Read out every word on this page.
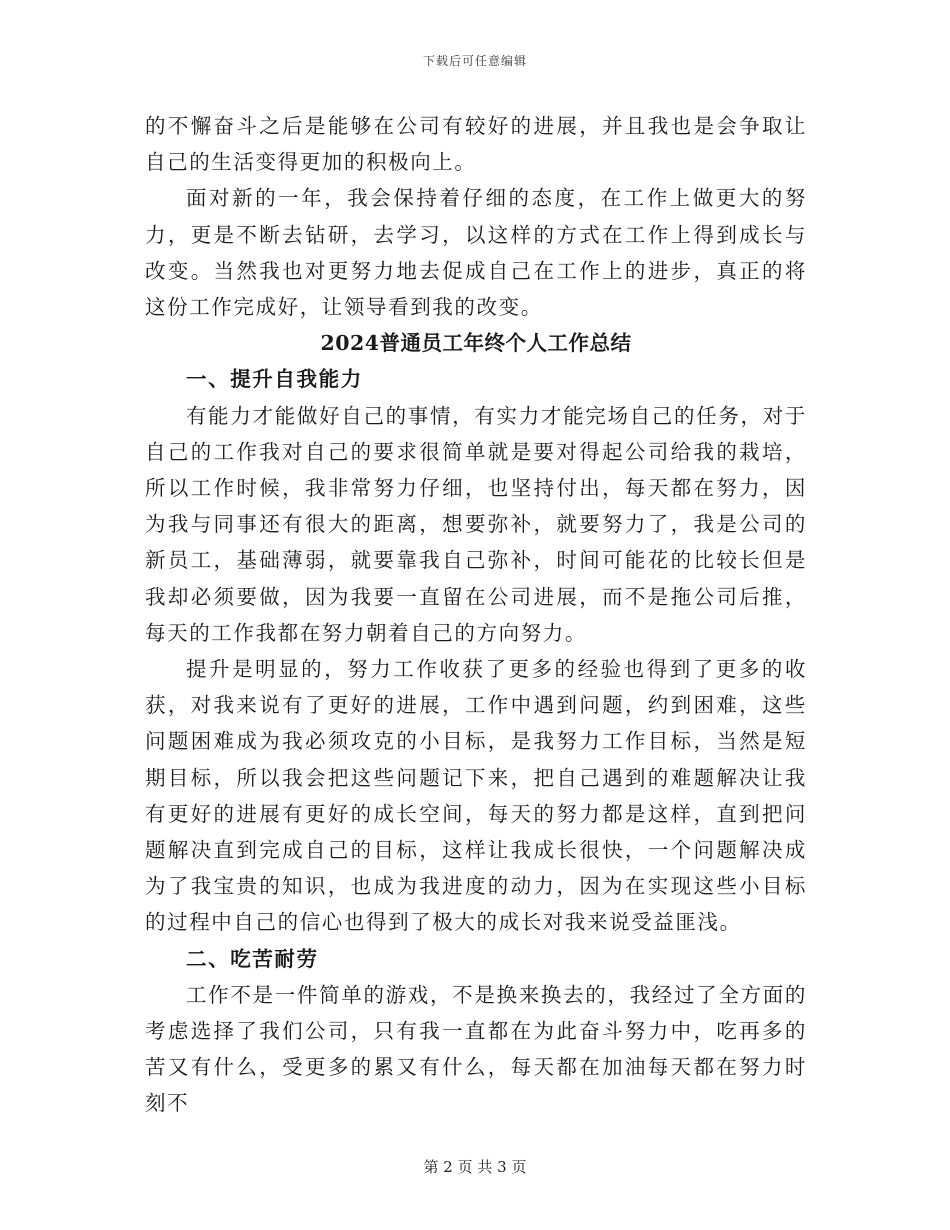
下载后可任意编辑

的不懈奋斗之后是能够在公司有较好的进展，并且我也是会争取让自己的生活变得更加的积极向上。

面对新的一年，我会保持着仔细的态度，在工作上做更大的努力，更是不断去钻研，去学习，以这样的方式在工作上得到成长与改变。当然我也对更努力地去促成自己在工作上的进步，真正的将这份工作完成好，让领导看到我的改变。

2024普通员工年终个人工作总结
一、提升自我能力

有能力才能做好自己的事情，有实力才能完场自己的任务，对于自己的工作我对自己的要求很简单就是要对得起公司给我的栽培，所以工作时候，我非常努力仔细，也坚持付出，每天都在努力，因为我与同事还有很大的距离，想要弥补，就要努力了，我是公司的新员工，基础薄弱，就要靠我自己弥补，时间可能花的比较长但是我却必须要做，因为我要一直留在公司进展，而不是拖公司后推，每天的工作我都在努力朝着自己的方向努力。

提升是明显的，努力工作收获了更多的经验也得到了更多的收获，对我来说有了更好的进展，工作中遇到问题，约到困难，这些问题困难成为我必须攻克的小目标，是我努力工作目标，当然是短期目标，所以我会把这些问题记下来，把自己遇到的难题解决让我有更好的进展有更好的成长空间，每天的努力都是这样，直到把问题解决直到完成自己的目标，这样让我成长很快，一个问题解决成为了我宝贵的知识，也成为我进度的动力，因为在实现这些小目标的过程中自己的信心也得到了极大的成长对我来说受益匪浅。

二、吃苦耐劳

工作不是一件简单的游戏，不是换来换去的，我经过了全方面的考虑选择了我们公司，只有我一直都在为此奋斗努力中，吃再多的苦又有什么，受更多的累又有什么，每天都在加油每天都在努力时刻不

第 2 页 共 3 页
